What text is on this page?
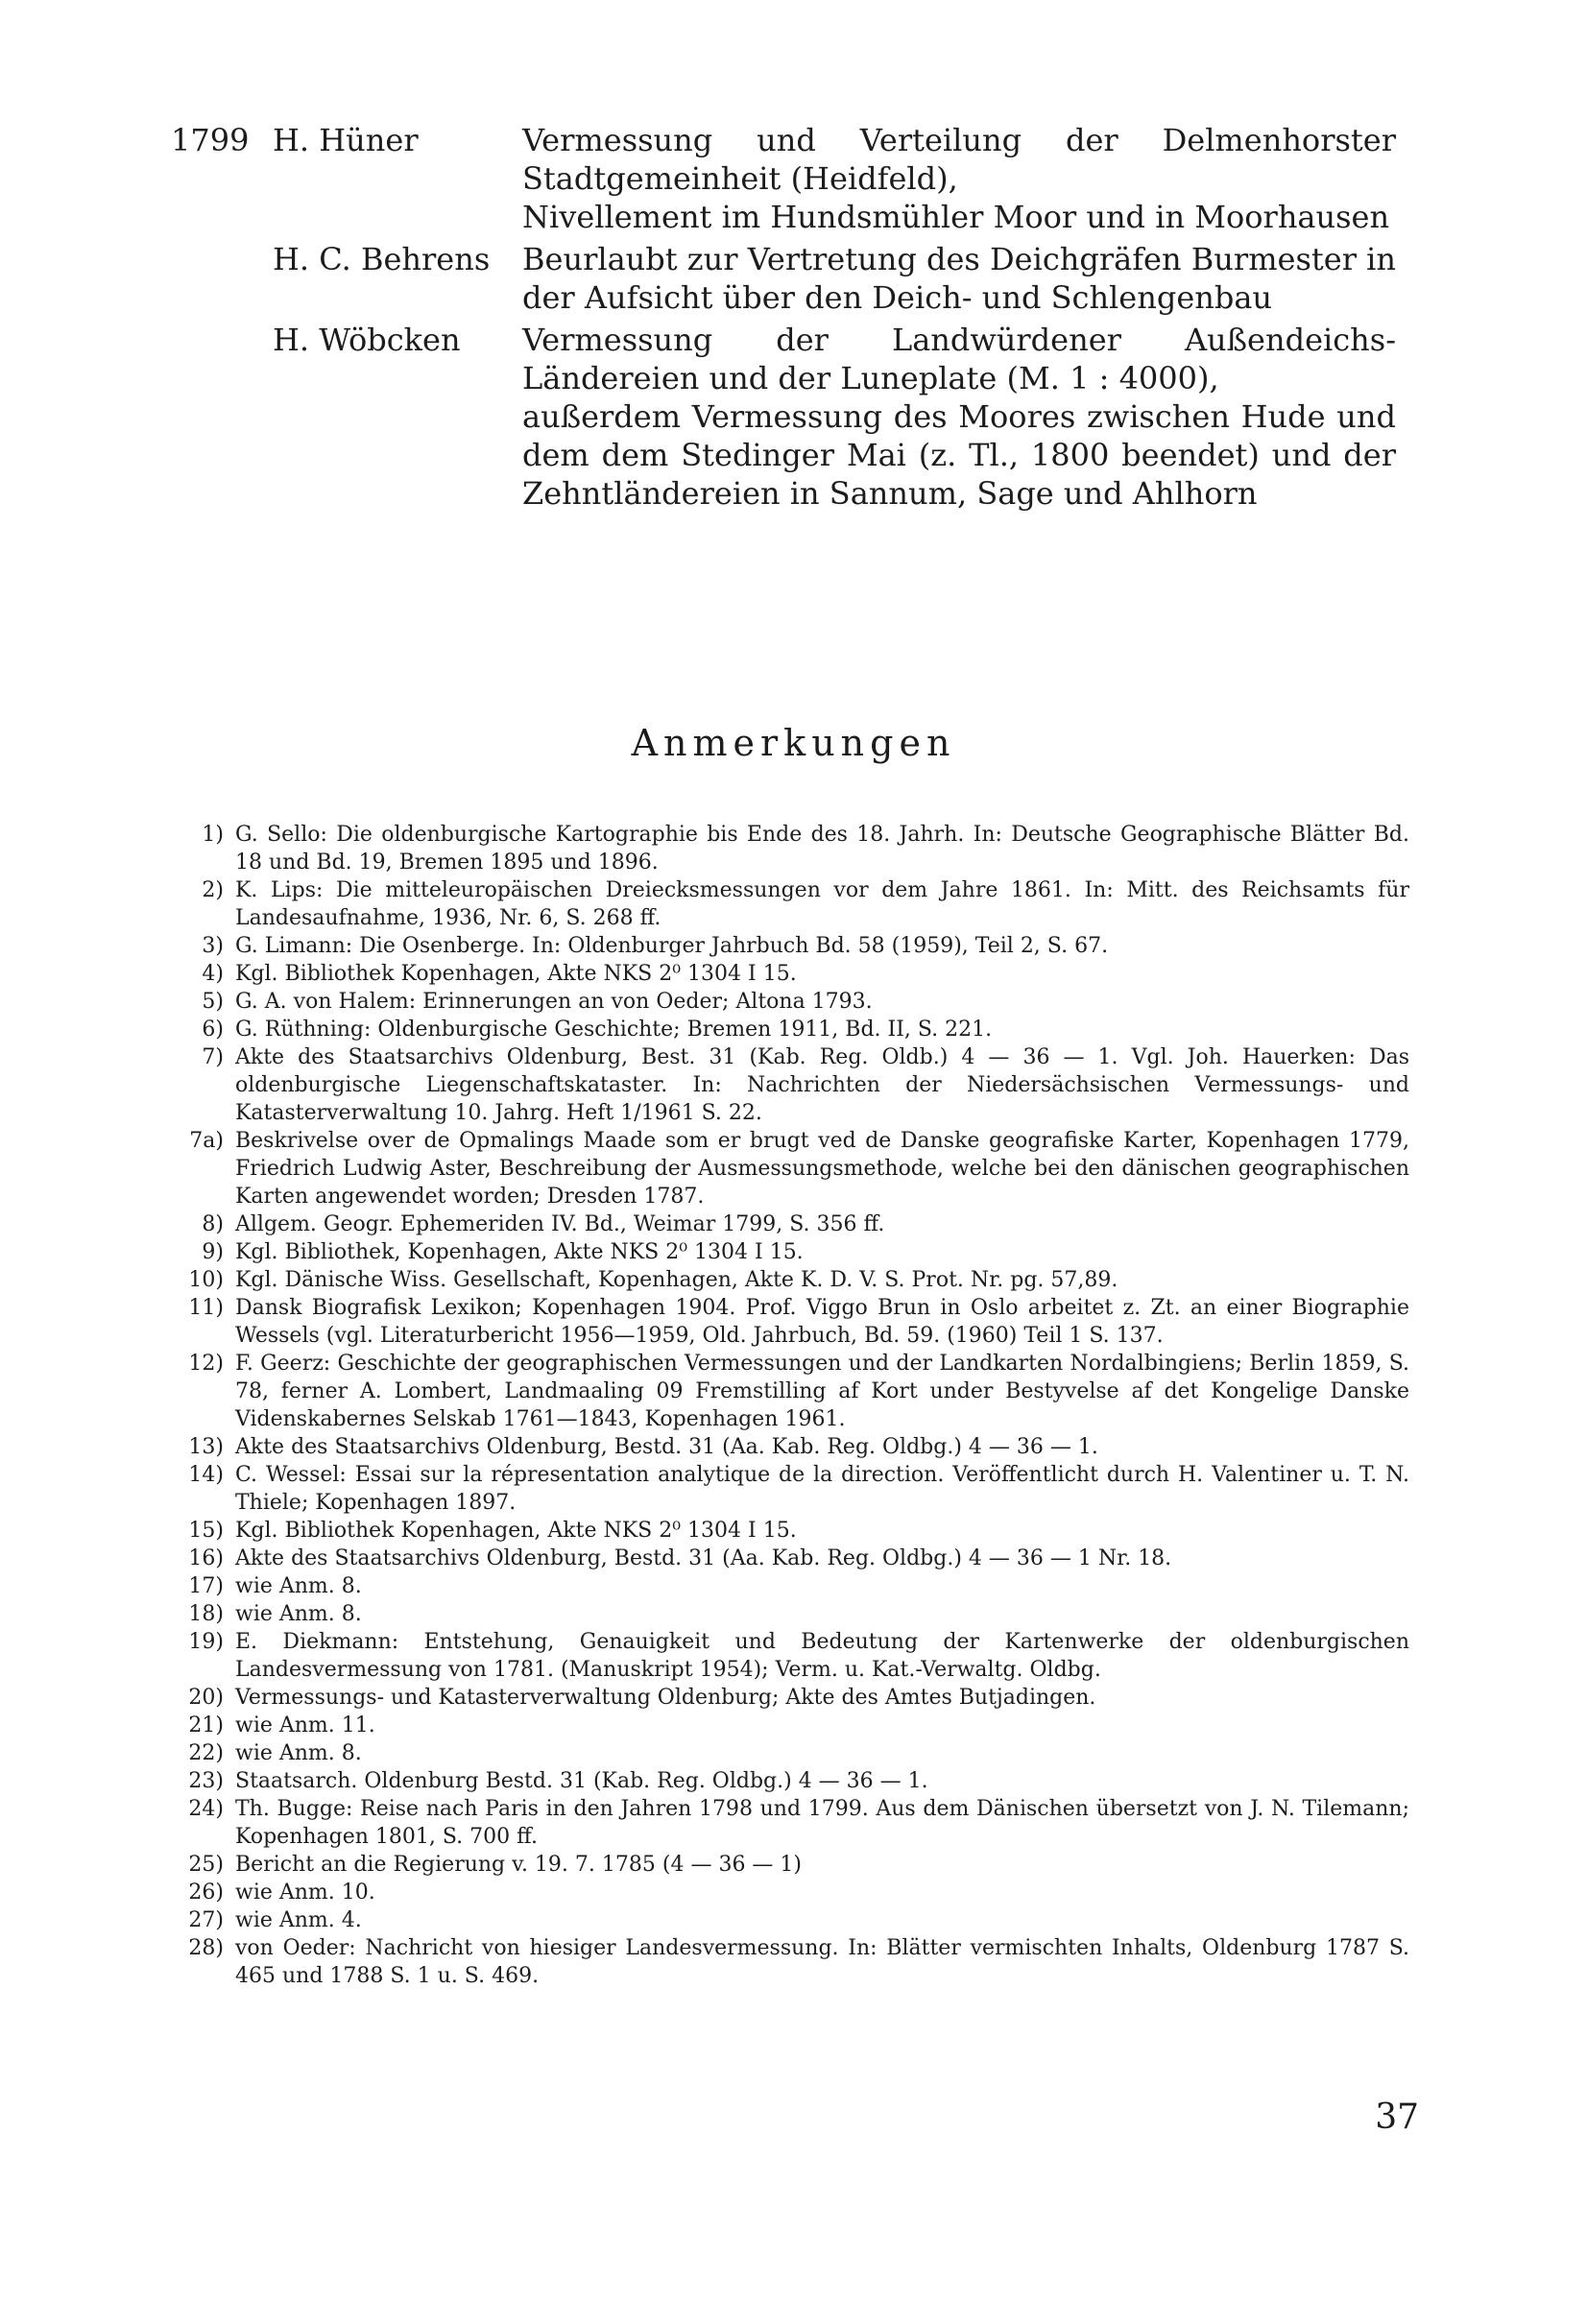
1799 H. Hüner	Vermessung und Verteilung der Delmenhorster Stadtgemeinheit (Heidfeld),
Nivellement im Hundsmühler Moor und in Moorhausen
H. C. Behrens	Beurlaubt zur Vertretung des Deichgräfen Burmester in der Aufsicht über den Deich- und Schlengenbau
H. Wöbcken	Vermessung der Landwürdener Außendeichs-Ländereien und der Luneplate (M. 1 : 4000),
außerdem Vermessung des Moores zwischen Hude und dem dem Stedinger Mai (z. Tl., 1800 beendet) und der Zehntländereien in Sannum, Sage und Ahlhorn
Anmerkungen
1) G. Sello: Die oldenburgische Kartographie bis Ende des 18. Jahrh. In: Deutsche Geographische Blätter Bd. 18 und Bd. 19, Bremen 1895 und 1896.
2) K. Lips: Die mitteleuropäischen Dreiecksmessungen vor dem Jahre 1861. In: Mitt. des Reichsamts für Landesaufnahme, 1936, Nr. 6, S. 268 ff.
3) G. Limann: Die Osenberge. In: Oldenburger Jahrbuch Bd. 58 (1959), Teil 2, S. 67.
4) Kgl. Bibliothek Kopenhagen, Akte NKS 2⁰ 1304 I 15.
5) G. A. von Halem: Erinnerungen an von Oeder; Altona 1793.
6) G. Rüthning: Oldenburgische Geschichte; Bremen 1911, Bd. II, S. 221.
7) Akte des Staatsarchivs Oldenburg, Best. 31 (Kab. Reg. Oldb.) 4 — 36 — 1. Vgl. Joh. Hauerken: Das oldenburgische Liegenschaftskataster. In: Nachrichten der Niedersächsischen Vermessungs- und Katasterverwaltung 10. Jahrg. Heft 1/1961 S. 22.
7a) Beskrivelse over de Opmalings Maade som er brugt ved de Danske geografiske Karter, Kopenhagen 1779, Friedrich Ludwig Aster, Beschreibung der Ausmessungsmethode, welche bei den dänischen geographischen Karten angewendet worden; Dresden 1787.
8) Allgem. Geogr. Ephemeriden IV. Bd., Weimar 1799, S. 356 ff.
9) Kgl. Bibliothek, Kopenhagen, Akte NKS 2⁰ 1304 I 15.
10) Kgl. Dänische Wiss. Gesellschaft, Kopenhagen, Akte K. D. V. S. Prot. Nr. pg. 57,89.
11) Dansk Biografisk Lexikon; Kopenhagen 1904. Prof. Viggo Brun in Oslo arbeitet z. Zt. an einer Biographie Wessels (vgl. Literaturbericht 1956—1959, Old. Jahrbuch, Bd. 59. (1960) Teil 1 S. 137.
12) F. Geerz: Geschichte der geographischen Vermessungen und der Landkarten Nordalbingiens; Berlin 1859, S. 78, ferner A. Lombert, Landmaaling 09 Fremstilling af Kort under Bestyvelse af det Kongelige Danske Videnskabernes Selskab 1761—1843, Kopenhagen 1961.
13) Akte des Staatsarchivs Oldenburg, Bestd. 31 (Aa. Kab. Reg. Oldbg.) 4 — 36 — 1.
14) C. Wessel: Essai sur la répresentation analytique de la direction. Veröffentlicht durch H. Valentiner u. T. N. Thiele; Kopenhagen 1897.
15) Kgl. Bibliothek Kopenhagen, Akte NKS 2⁰ 1304 I 15.
16) Akte des Staatsarchivs Oldenburg, Bestd. 31 (Aa. Kab. Reg. Oldbg.) 4 — 36 — 1 Nr. 18.
17) wie Anm. 8.
18) wie Anm. 8.
19) E. Diekmann: Entstehung, Genauigkeit und Bedeutung der Kartenwerke der oldenburgischen Landesvermessung von 1781. (Manuskript 1954); Verm. u. Kat.-Verwaltg. Oldbg.
20) Vermessungs- und Katasterverwaltung Oldenburg; Akte des Amtes Butjadingen.
21) wie Anm. 11.
22) wie Anm. 8.
23) Staatsarch. Oldenburg Bestd. 31 (Kab. Reg. Oldbg.) 4 — 36 — 1.
24) Th. Bugge: Reise nach Paris in den Jahren 1798 und 1799. Aus dem Dänischen übersetzt von J. N. Tilemann; Kopenhagen 1801, S. 700 ff.
25) Bericht an die Regierung v. 19. 7. 1785 (4 — 36 — 1)
26) wie Anm. 10.
27) wie Anm. 4.
28) von Oeder: Nachricht von hiesiger Landesvermessung. In: Blätter vermischten Inhalts, Oldenburg 1787 S. 465 und 1788 S. 1 u. S. 469.
37
